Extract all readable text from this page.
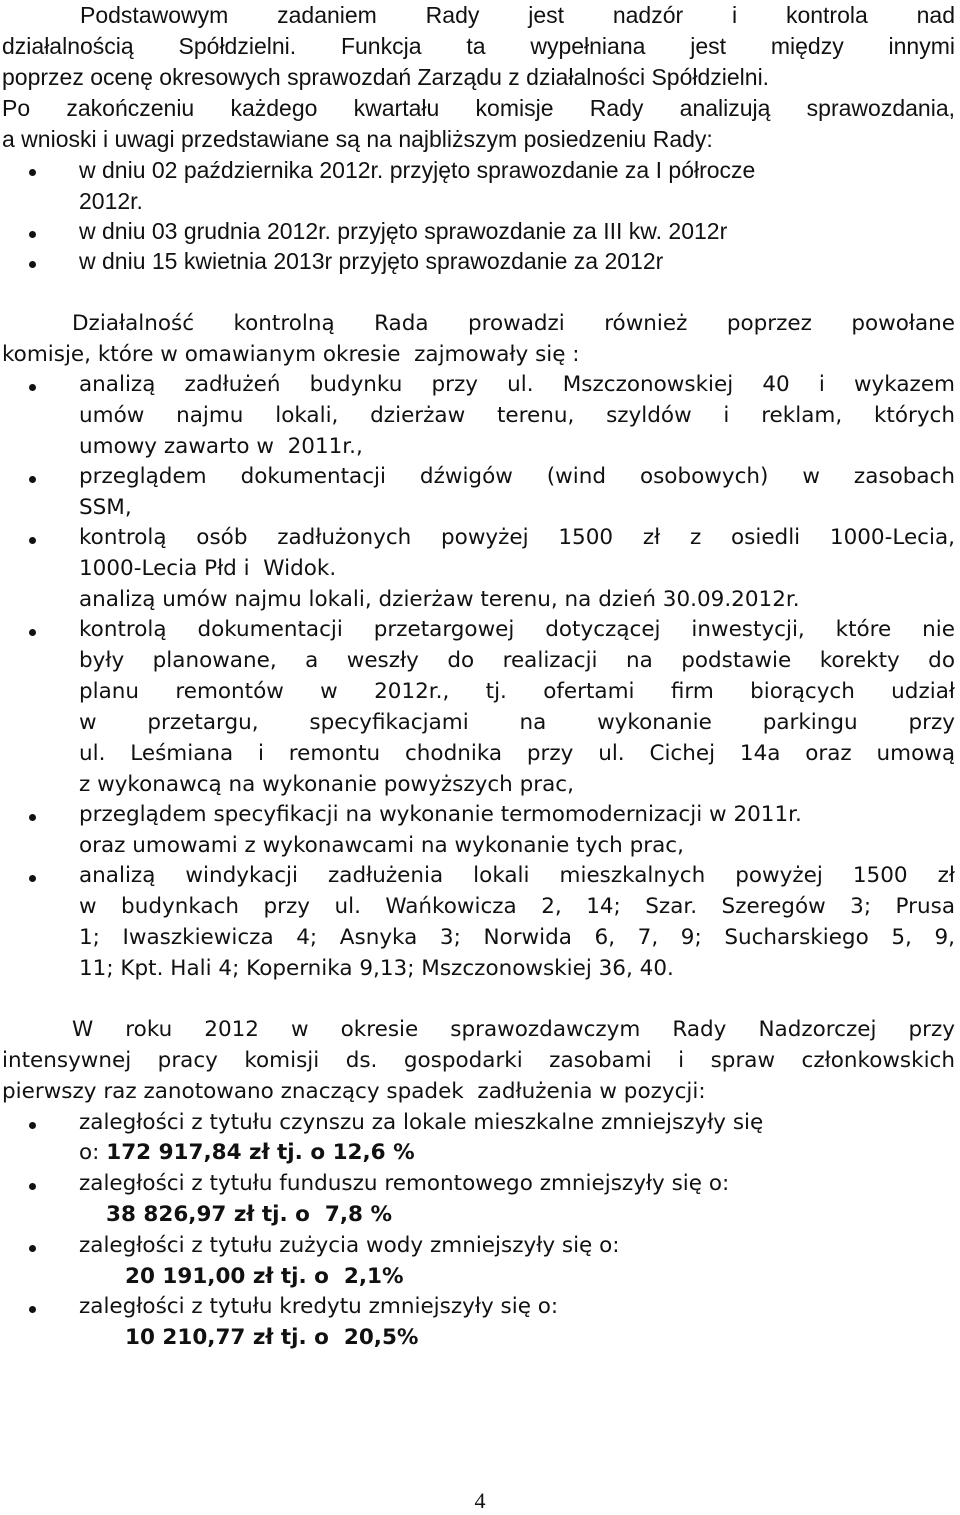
Podstawowym zadaniem Rady jest nadzór i kontrola nad

działalnością Spółdzielni. Funkcja ta wypełniana jest między innymi

poprzez ocenę okresowych sprawozdań Zarządu z działalności Spółdzielni.

Po zakończeniu każdego kwartału komisje Rady analizują sprawozdania,

a wnioski i uwagi przedstawiane są na najbliższym posiedzeniu Rady:

w dniu 02 października 2012r. przyjęto sprawozdanie za I półrocze

2012r.

w dniu 03 grudnia 2012r. przyjęto sprawozdanie za III kw. 2012r

w dniu 15 kwietnia 2013r przyjęto sprawozdanie za 2012r

Działalność kontrolną Rada prowadzi również poprzez powołane

komisje, które w omawianym okresie  zajmowały się :

analizą zadłużeń budynku przy ul. Mszczonowskiej 40 i wykazem

umów najmu lokali, dzierżaw terenu, szyldów i reklam, których

umowy zawarto w  2011r.,

przeglądem dokumentacji dźwigów (wind osobowych) w zasobach

SSM,

kontrolą osób zadłużonych powyżej 1500 zł z osiedli 1000-Lecia,

1000-Lecia Płd i  Widok.

analizą umów najmu lokali, dzierżaw terenu, na dzień 30.09.2012r.

kontrolą dokumentacji przetargowej dotyczącej inwestycji, które nie

były planowane, a weszły do realizacji na podstawie korekty do

planu remontów w 2012r., tj. ofertami firm biorących udział

w przetargu, specyfikacjami na wykonanie parkingu przy

ul. Leśmiana i remontu chodnika przy ul. Cichej 14a oraz umową

z wykonawcą na wykonanie powyższych prac,

przeglądem specyfikacji na wykonanie termomodernizacji w 2011r.

oraz umowami z wykonawcami na wykonanie tych prac,

analizą windykacji zadłużenia lokali mieszkalnych powyżej 1500 zł

w budynkach przy ul. Wańkowicza 2, 14; Szar. Szeregów 3; Prusa

1; Iwaszkiewicza 4; Asnyka 3; Norwida 6, 7, 9; Sucharskiego 5, 9,

11; Kpt. Hali 4; Kopernika 9,13; Mszczonowskiej 36, 40.

W roku 2012 w okresie sprawozdawczym Rady Nadzorczej przy

intensywnej pracy komisji ds. gospodarki zasobami i spraw członkowskich

pierwszy raz zanotowano znaczący spadek  zadłużenia w pozycji:

zaległości z tytułu czynszu za lokale mieszkalne zmniejszyły się

o: 172 917,84 zł tj. o 12,6 %

zaległości z tytułu funduszu remontowego zmniejszyły się o:

38 826,97 zł tj. o  7,8 %

zaległości z tytułu zużycia wody zmniejszyły się o:

20 191,00 zł tj. o  2,1%

zaległości z tytułu kredytu zmniejszyły się o:

10 210,77 zł tj. o  20,5%

4
